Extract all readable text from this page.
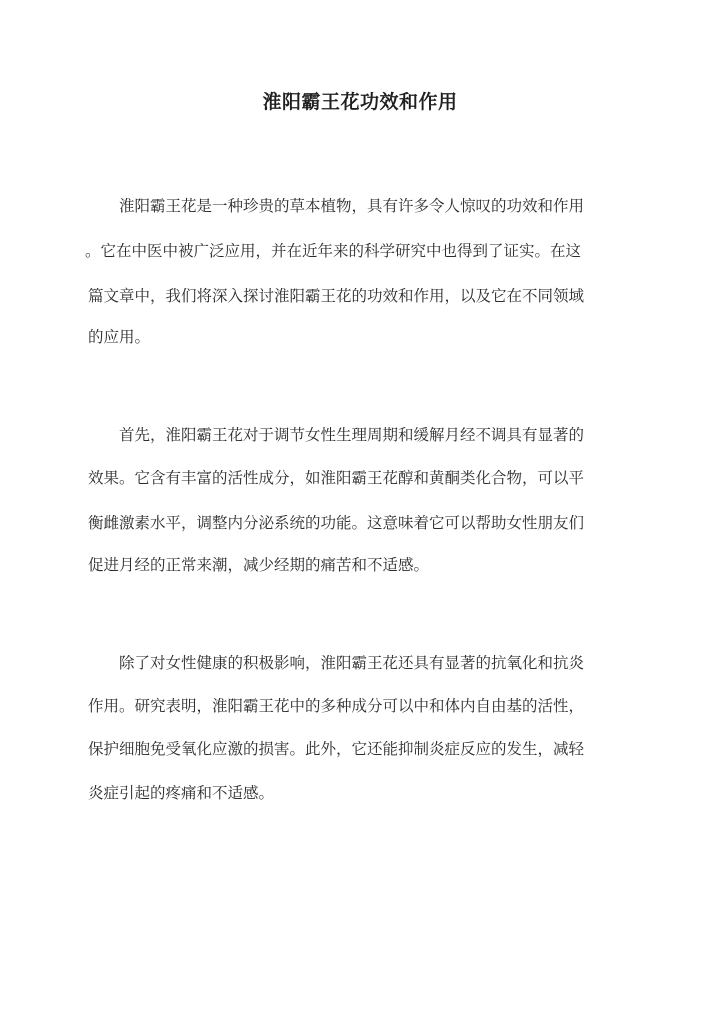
淮阳霸王花功效和作用
淮阳霸王花是一种珍贵的草本植物，具有许多令人惊叹的功效和作用
。它在中医中被广泛应用，并在近年来的科学研究中也得到了证实。在这
篇文章中，我们将深入探讨淮阳霸王花的功效和作用，以及它在不同领域
的应用。
首先，淮阳霸王花对于调节女性生理周期和缓解月经不调具有显著的
效果。它含有丰富的活性成分，如淮阳霸王花醇和黄酮类化合物，可以平
衡雌激素水平，调整内分泌系统的功能。这意味着它可以帮助女性朋友们
促进月经的正常来潮，减少经期的痛苦和不适感。
除了对女性健康的积极影响，淮阳霸王花还具有显著的抗氧化和抗炎
作用。研究表明，淮阳霸王花中的多种成分可以中和体内自由基的活性，
保护细胞免受氧化应激的损害。此外，它还能抑制炎症反应的发生，减轻
炎症引起的疼痛和不适感。
